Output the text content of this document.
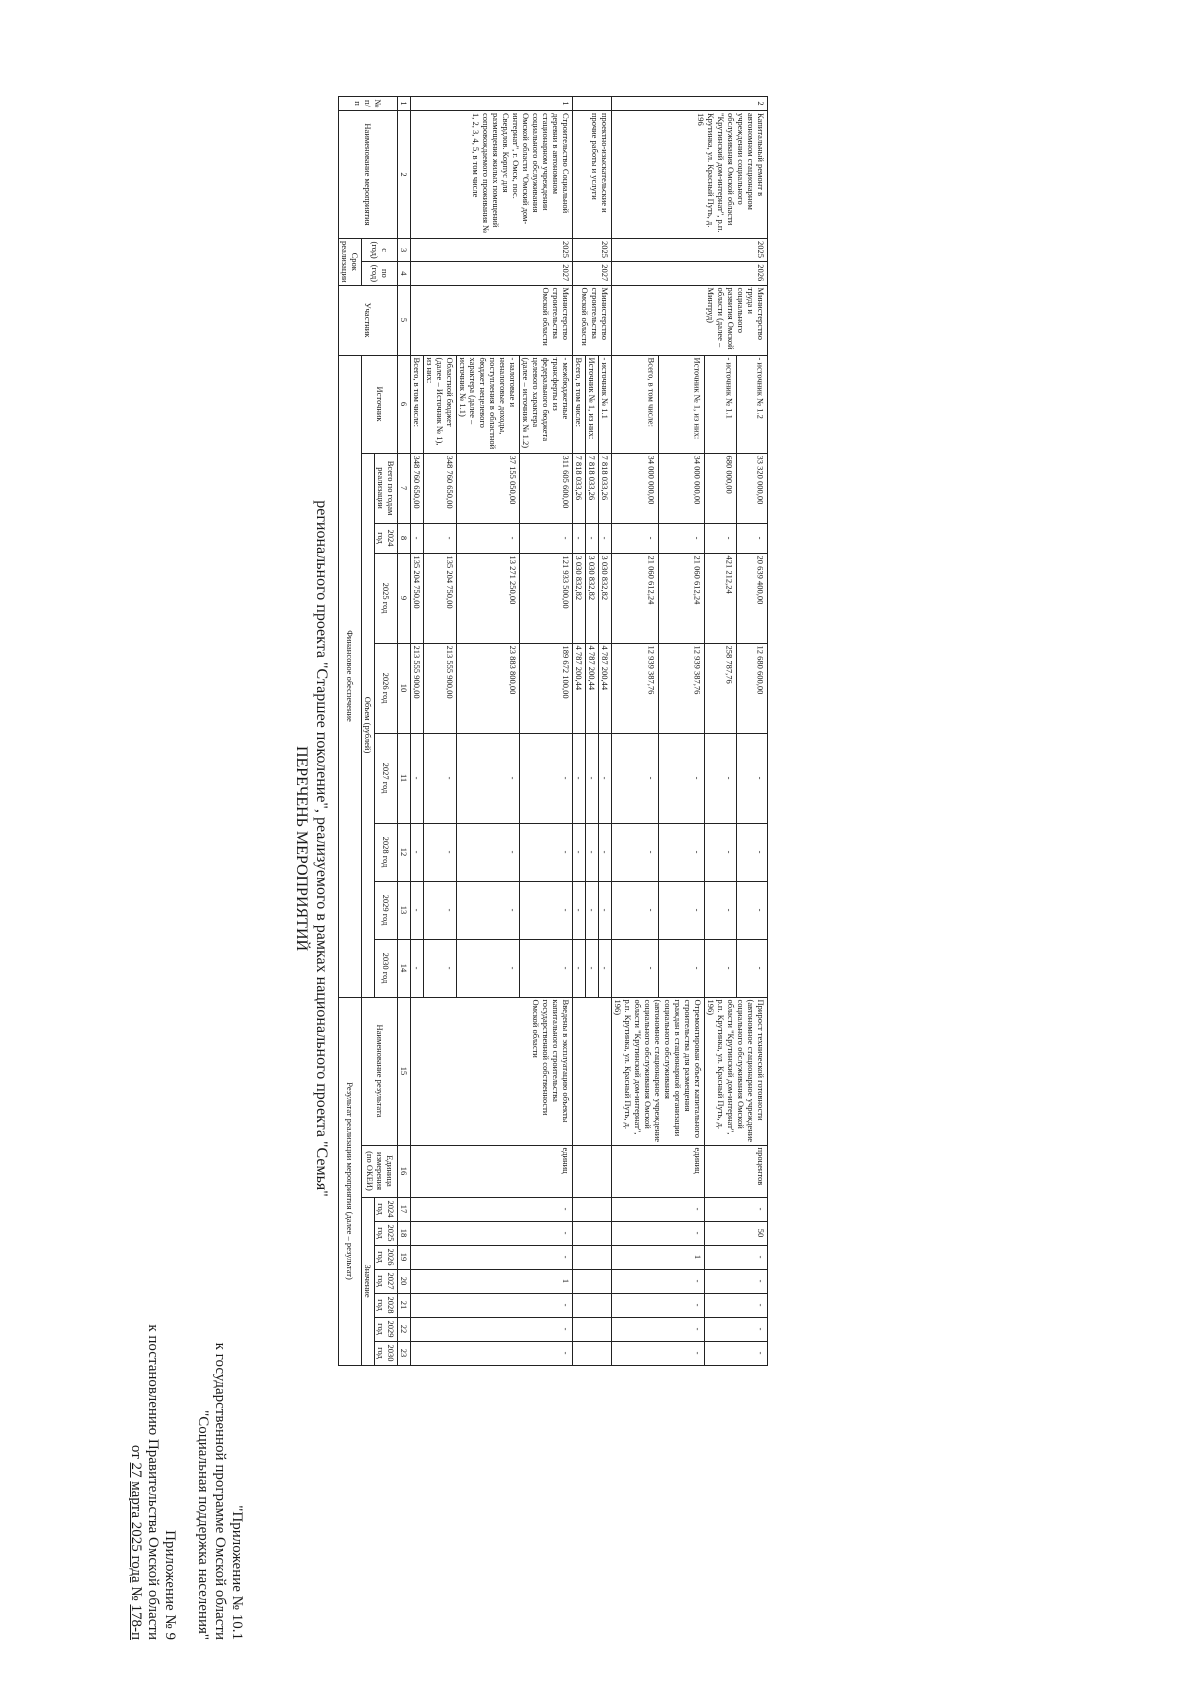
Приложение № 9
к постановлению Правительства Омской области
от 27 марта 2025 года № 178-п	"Приложение № 10.1
к государственной программе Омской области
"Социальная поддержка населения"
ПЕРЕЧЕНЬ МЕРОПРИЯТИЙ регионального проекта "Старшее поколение", реализуемого в рамках национального проекта "Семья"
№ п/п	Наименование мероприятия	Срок реализации		Участник	Финансовое обеспечение									Результат реализации мероприятия (далее – результат)								
		с (год)	по (год)		Источник	Объем (рублей)								Наименование результата	Единица измерения (по ОКЕИ)	Значение						
						Всего по годам реализации	2024 год	2025 год	2026 год	2027 год	2028 год	2029 год	2030 год			2024 год	2025 год	2026 год	2027 год	2028 год	2029 год	2030 год
1	2	3	4	5	6	7	8	9	10	11	12	13	14	15	16	17	18	19	20	21	22	23
1	Строительство Социальной деревни в автономном стационарном учреждении социального обслуживания Омской области "Омский дом-интернат", г. Омск, пос. Свердлов. Корпус для размещения жилых помещений сопровождаемого проживания № 1, 2, 3, 4, 5, в том числе	2025	2027	Министерство строительства Омской области	Всего, в том числе:	348 760 650,00	-	135 204 750,00	213 555 900,00	-	-	-	-	Введены в эксплуатацию объекты капитального строительства государственной собственности Омской области	единиц	-	-	-	1	-	-	-
					Областной бюджет (далее – Источник № 1), из них:	348 760 650,00	-	135 204 750,00	213 555 900,00	-	-	-	-									
					- налоговые и неналоговые доходы, поступления в областной бюджет нецелевого характера (далее – источник № 1.1)	37 155 050,00	-	13 271 250,00	23 883 800,00	-	-	-	-									
					- межбюджетные трансферты из федерального бюджета целевого характера (далее – источник № 1.2)	311 605 600,00	-	121 933 500,00	189 672 100,00	-	-	-	-									
	проектно-изыскательские и прочие работы и услуги	2025	2027	Министерство строительства Омской области	Всего, в том числе:	7 818 033,26	-	3 030 832,82	4 787 200,44	-	-	-	-									
					Источник № 1, из них:	7 818 033,26	-	3 030 832,82	4 787 200,44	-	-	-	-									
					- источник № 1.1	7 818 033,26	-	3 030 832,82	4 787 200,44	-	-	-	-									
2	Капитальный ремонт в автономном стационарном учреждении социального обслуживания Омской области "Крутинский дом-интернат", р.п. Крутинка, ул. Красный Путь, д. 196	2025	2026	Министерство труда и социального развития Омской области (далее – Минтруд)	Всего, в том числе:	34 000 000,00	-	21 060 612,24	12 939 387,76	-	-	-	-	Отремонтирован объект капитального строительства для размещения граждан в стационарной организации социального обслуживания (автономное стационарное учреждение социального обслуживания Омской области "Крутинский дом-интернат", р.п. Крутинка, ул. Красный Путь, д. 196)	единиц	-	-	1	-	-	-	-
					Источник № 1, из них:	34 000 000,00	-	21 060 612,24	12 939 387,76	-	-	-	-									
					- источник № 1.1	680 000,00	-	421 212,24	258 787,76	-	-	-	-	Прирост технической готовности (автономное стационарное учреждение социального обслуживания Омской области "Крутинский дом-интернат", р.п. Крутинка, ул. Красный Путь, д. 196)	процентов	-	50	-	-	-	-	-
					- источник № 1.2	33 320 000,00	-	20 639 400,00	12 680 600,00	-	-	-	-									
